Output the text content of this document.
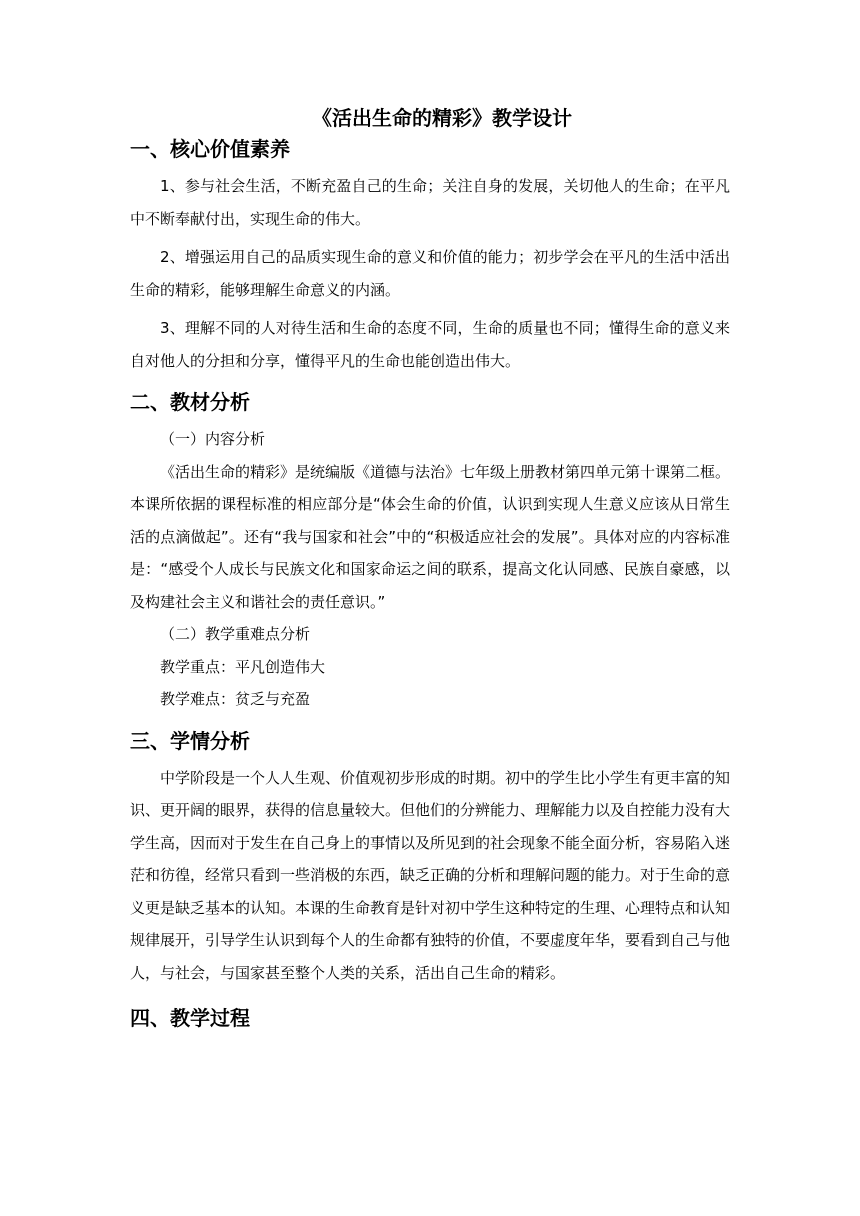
《活出生命的精彩》教学设计
一、核心价值素养

1、参与社会生活，不断充盈自己的生命；关注自身的发展，关切他人的生命；在平凡中不断奉献付出，实现生命的伟大。

2、增强运用自己的品质实现生命的意义和价值的能力；初步学会在平凡的生活中活出生命的精彩，能够理解生命意义的内涵。

3、理解不同的人对待生活和生命的态度不同，生命的质量也不同；懂得生命的意义来自对他人的分担和分享，懂得平凡的生命也能创造出伟大。

二、教材分析

（一）内容分析

《活出生命的精彩》是统编版《道德与法治》七年级上册教材第四单元第十课第二框。本课所依据的课程标准的相应部分是“体会生命的价值，认识到实现人生意义应该从日常生活的点滴做起”。还有“我与国家和社会”中的“积极适应社会的发展”。具体对应的内容标准是：“感受个人成长与民族文化和国家命运之间的联系，提高文化认同感、民族自豪感，以及构建社会主义和谐社会的责任意识。”

（二）教学重难点分析

教学重点：平凡创造伟大

教学难点：贫乏与充盈

三、学情分析

中学阶段是一个人人生观、价值观初步形成的时期。初中的学生比小学生有更丰富的知识、更开阔的眼界，获得的信息量较大。但他们的分辨能力、理解能力以及自控能力没有大学生高，因而对于发生在自己身上的事情以及所见到的社会现象不能全面分析，容易陷入迷茫和彷徨，经常只看到一些消极的东西，缺乏正确的分析和理解问题的能力。对于生命的意义更是缺乏基本的认知。本课的生命教育是针对初中学生这种特定的生理、心理特点和认知规律展开，引导学生认识到每个人的生命都有独特的价值，不要虚度年华，要看到自己与他人，与社会，与国家甚至整个人类的关系，活出自己生命的精彩。

四、教学过程
